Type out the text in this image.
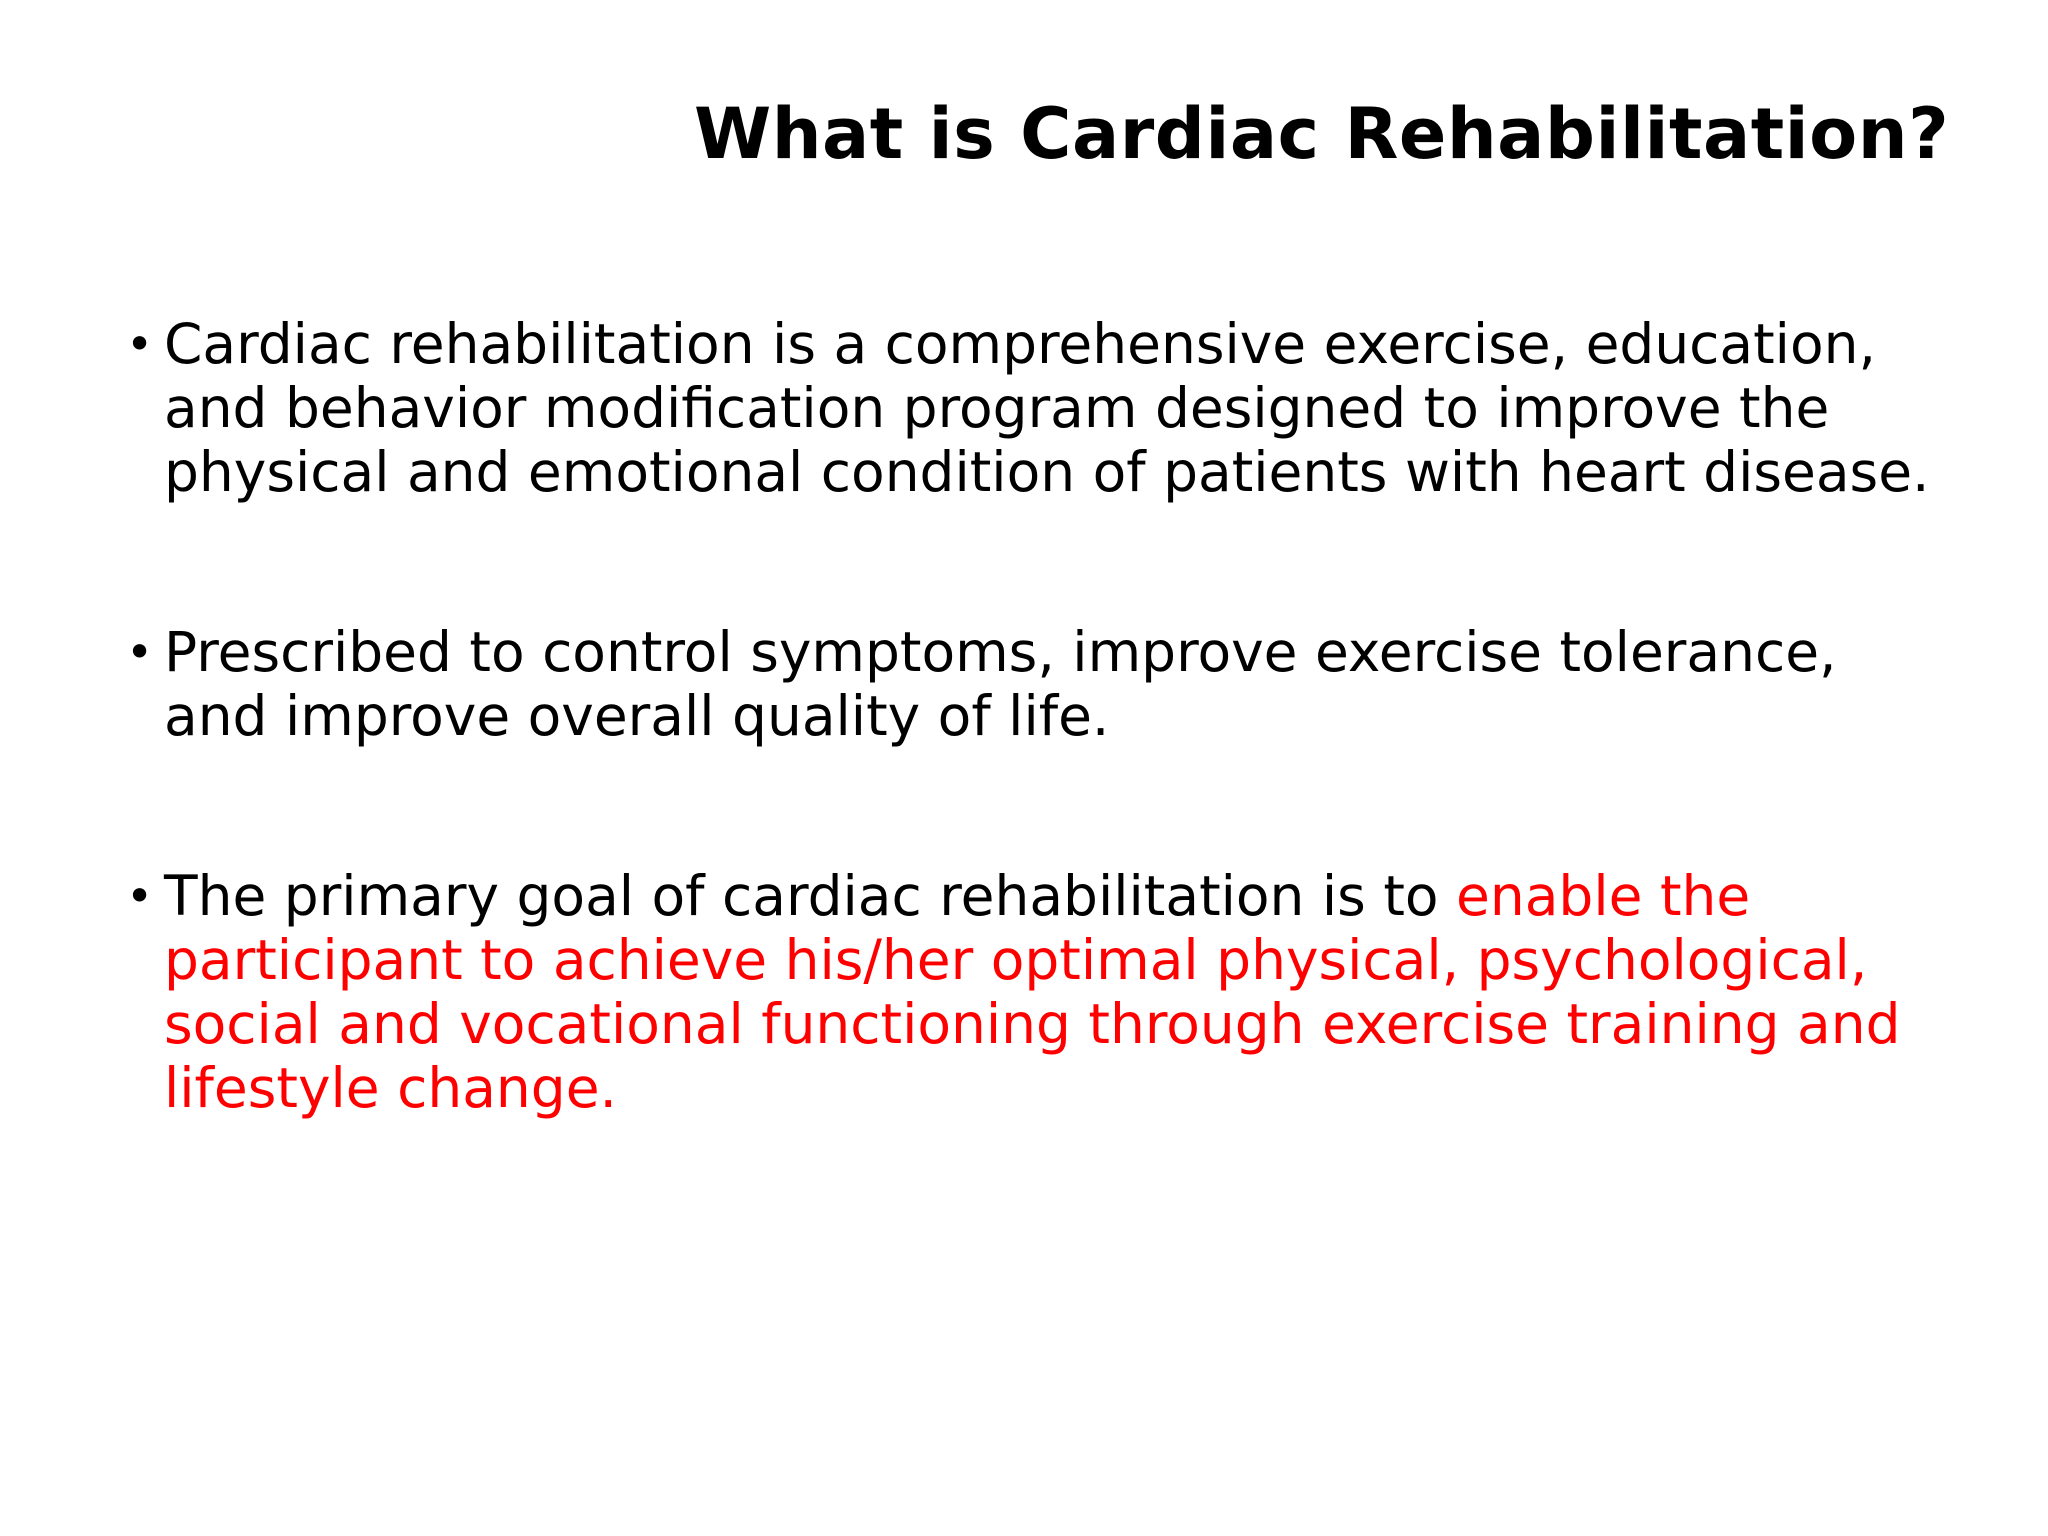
What is Cardiac Rehabilitation?
• Cardiac rehabilitation is a comprehensive exercise, education,
and behavior modification program designed to improve the
physical and emotional condition of patients with heart disease.
• Prescribed to control symptoms, improve exercise tolerance,
and improve overall quality of life.
• The primary goal of cardiac rehabilitation is to enable the
participant to achieve his/her optimal physical, psychological,
social and vocational functioning through exercise training and
lifestyle change.
